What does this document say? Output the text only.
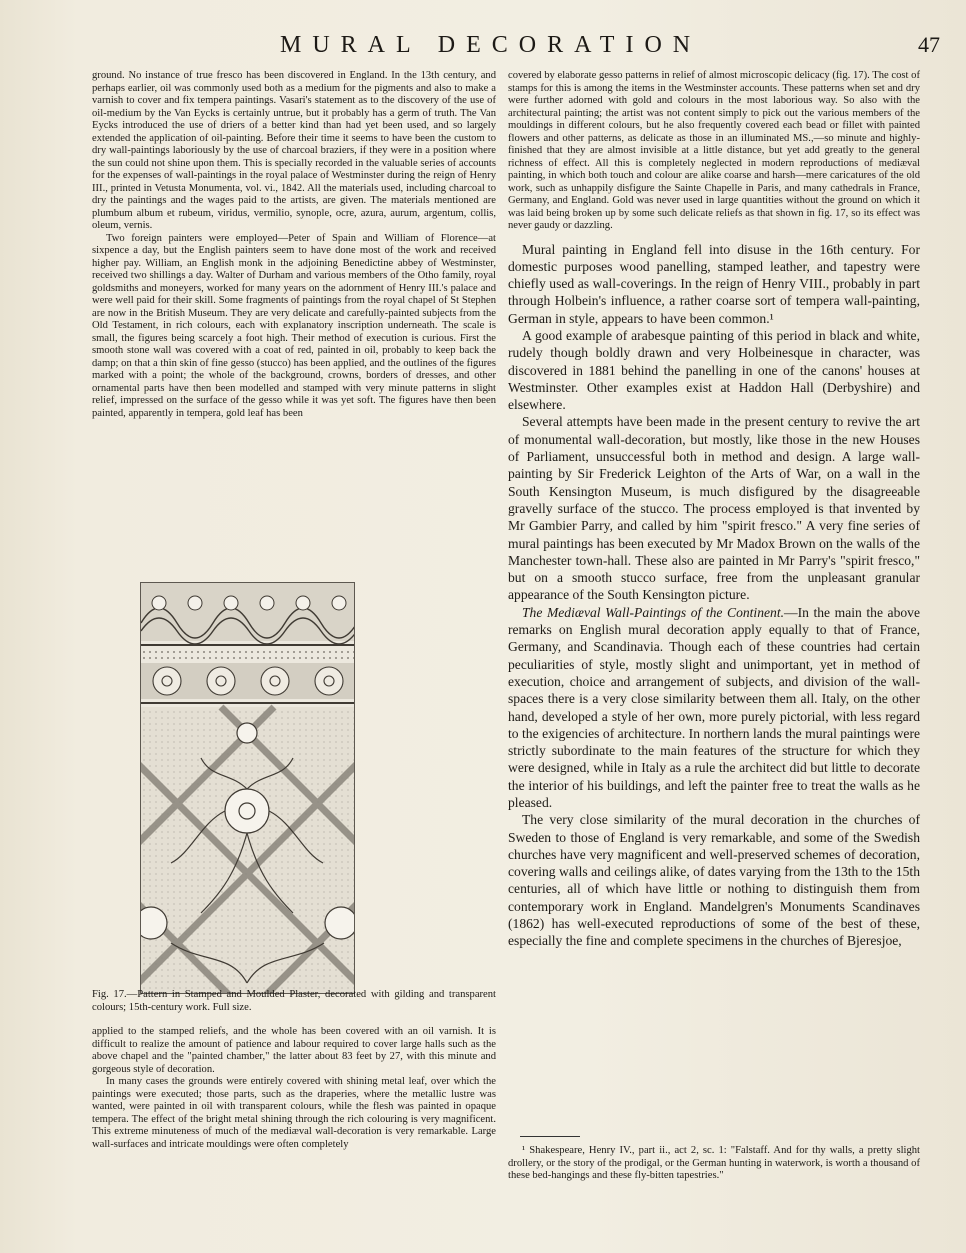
MURAL DECORATION	47

ground. No instance of true fresco has been discovered in England. In the 13th century, and perhaps earlier, oil was commonly used both as a medium for the pigments and also to make a varnish to cover and fix tempera paintings. Vasari's statement as to the discovery of the use of oil-medium by the Van Eycks is certainly untrue, but it probably has a germ of truth. The Van Eycks introduced the use of driers of a better kind than had yet been used, and so largely extended the application of oil-painting. Before their time it seems to have been the custom to dry wall-paintings laboriously by the use of charcoal braziers, if they were in a position where the sun could not shine upon them. This is specially recorded in the valuable series of accounts for the expenses of wall-paintings in the royal palace of Westminster during the reign of Henry III., printed in Vetusta Monumenta, vol. vi., 1842. All the materials used, including charcoal to dry the paintings and the wages paid to the artists, are given. The materials mentioned are plumbum album et rubeum, viridus, vermilio, synople, ocre, azura, aurum, argentum, collis, oleum, vernis.

Two foreign painters were employed—Peter of Spain and William of Florence—at sixpence a day, but the English painters seem to have done most of the work and received higher pay. William, an English monk in the adjoining Benedictine abbey of Westminster, received two shillings a day. Walter of Durham and various members of the Otho family, royal goldsmiths and moneyers, worked for many years on the adornment of Henry III.'s palace and were well paid for their skill. Some fragments of paintings from the royal chapel of St Stephen are now in the British Museum. They are very delicate and carefully-painted subjects from the Old Testament, in rich colours, each with explanatory inscription underneath. The scale is small, the figures being scarcely a foot high. Their method of execution is curious. First the smooth stone wall was covered with a coat of red, painted in oil, probably to keep back the damp; on that a thin skin of fine gesso (stucco) has been applied, and the outlines of the figures marked with a point; the whole of the background, crowns, borders of dresses, and other ornamental parts have then been modelled and stamped with very minute patterns in slight relief, impressed on the surface of the gesso while it was yet soft. The figures have then been painted, apparently in tempera, gold leaf has been

Fig. 17.—Pattern in Stamped and Moulded Plaster, decorated with gilding and transparent colours; 15th-century work. Full size.

applied to the stamped reliefs, and the whole has been covered with an oil varnish. It is difficult to realize the amount of patience and labour required to cover large halls such as the above chapel and the "painted chamber," the latter about 83 feet by 27, with this minute and gorgeous style of decoration.

In many cases the grounds were entirely covered with shining metal leaf, over which the paintings were executed; those parts, such as the draperies, where the metallic lustre was wanted, were painted in oil with transparent colours, while the flesh was painted in opaque tempera. The effect of the bright metal shining through the rich colouring is very magnificent. This extreme minuteness of much of the mediæval wall-decoration is very remarkable. Large wall-surfaces and intricate mouldings were often completely

covered by elaborate gesso patterns in relief of almost microscopic delicacy (fig. 17). The cost of stamps for this is among the items in the Westminster accounts. These patterns when set and dry were further adorned with gold and colours in the most laborious way. So also with the architectural painting; the artist was not content simply to pick out the various members of the mouldings in different colours, but he also frequently covered each bead or fillet with painted flowers and other patterns, as delicate as those in an illuminated MS.,—so minute and highly-finished that they are almost invisible at a little distance, but yet add greatly to the general richness of effect. All this is completely neglected in modern reproductions of mediæval painting, in which both touch and colour are alike coarse and harsh—mere caricatures of the old work, such as unhappily disfigure the Sainte Chapelle in Paris, and many cathedrals in France, Germany, and England. Gold was never used in large quantities without the ground on which it was laid being broken up by some such delicate reliefs as that shown in fig. 17, so its effect was never gaudy or dazzling.

Mural painting in England fell into disuse in the 16th century. For domestic purposes wood panelling, stamped leather, and tapestry were chiefly used as wall-coverings. In the reign of Henry VIII., probably in part through Holbein's influence, a rather coarse sort of tempera wall-painting, German in style, appears to have been common.¹

A good example of arabesque painting of this period in black and white, rudely though boldly drawn and very Holbeinesque in character, was discovered in 1881 behind the panelling in one of the canons' houses at Westminster. Other examples exist at Haddon Hall (Derbyshire) and elsewhere.

Several attempts have been made in the present century to revive the art of monumental wall-decoration, but mostly, like those in the new Houses of Parliament, unsuccessful both in method and design. A large wall-painting by Sir Frederick Leighton of the Arts of War, on a wall in the South Kensington Museum, is much disfigured by the disagreeable gravelly surface of the stucco. The process employed is that invented by Mr Gambier Parry, and called by him "spirit fresco." A very fine series of mural paintings has been executed by Mr Madox Brown on the walls of the Manchester town-hall. These also are painted in Mr Parry's "spirit fresco," but on a smooth stucco surface, free from the unpleasant granular appearance of the South Kensington picture.

The Mediæval Wall-Paintings of the Continent.—In the main the above remarks on English mural decoration apply equally to that of France, Germany, and Scandinavia. Though each of these countries had certain peculiarities of style, mostly slight and unimportant, yet in method of execution, choice and arrangement of subjects, and division of the wall-spaces there is a very close similarity between them all. Italy, on the other hand, developed a style of her own, more purely pictorial, with less regard to the exigencies of architecture. In northern lands the mural paintings were strictly subordinate to the main features of the structure for which they were designed, while in Italy as a rule the architect did but little to decorate the interior of his buildings, and left the painter free to treat the walls as he pleased.

The very close similarity of the mural decoration in the churches of Sweden to those of England is very remarkable, and some of the Swedish churches have very magnificent and well-preserved schemes of decoration, covering walls and ceilings alike, of dates varying from the 13th to the 15th centuries, all of which have little or nothing to distinguish them from contemporary work in England. Mandelgren's Monuments Scandinaves (1862) has well-executed reproductions of some of the best of these, especially the fine and complete specimens in the churches of Bjeresjoe,

¹ Shakespeare, Henry IV., part ii., act 2, sc. 1: "Falstaff. And for thy walls, a pretty slight drollery, or the story of the prodigal, or the German hunting in waterwork, is worth a thousand of these bed-hangings and these fly-bitten tapestries."
